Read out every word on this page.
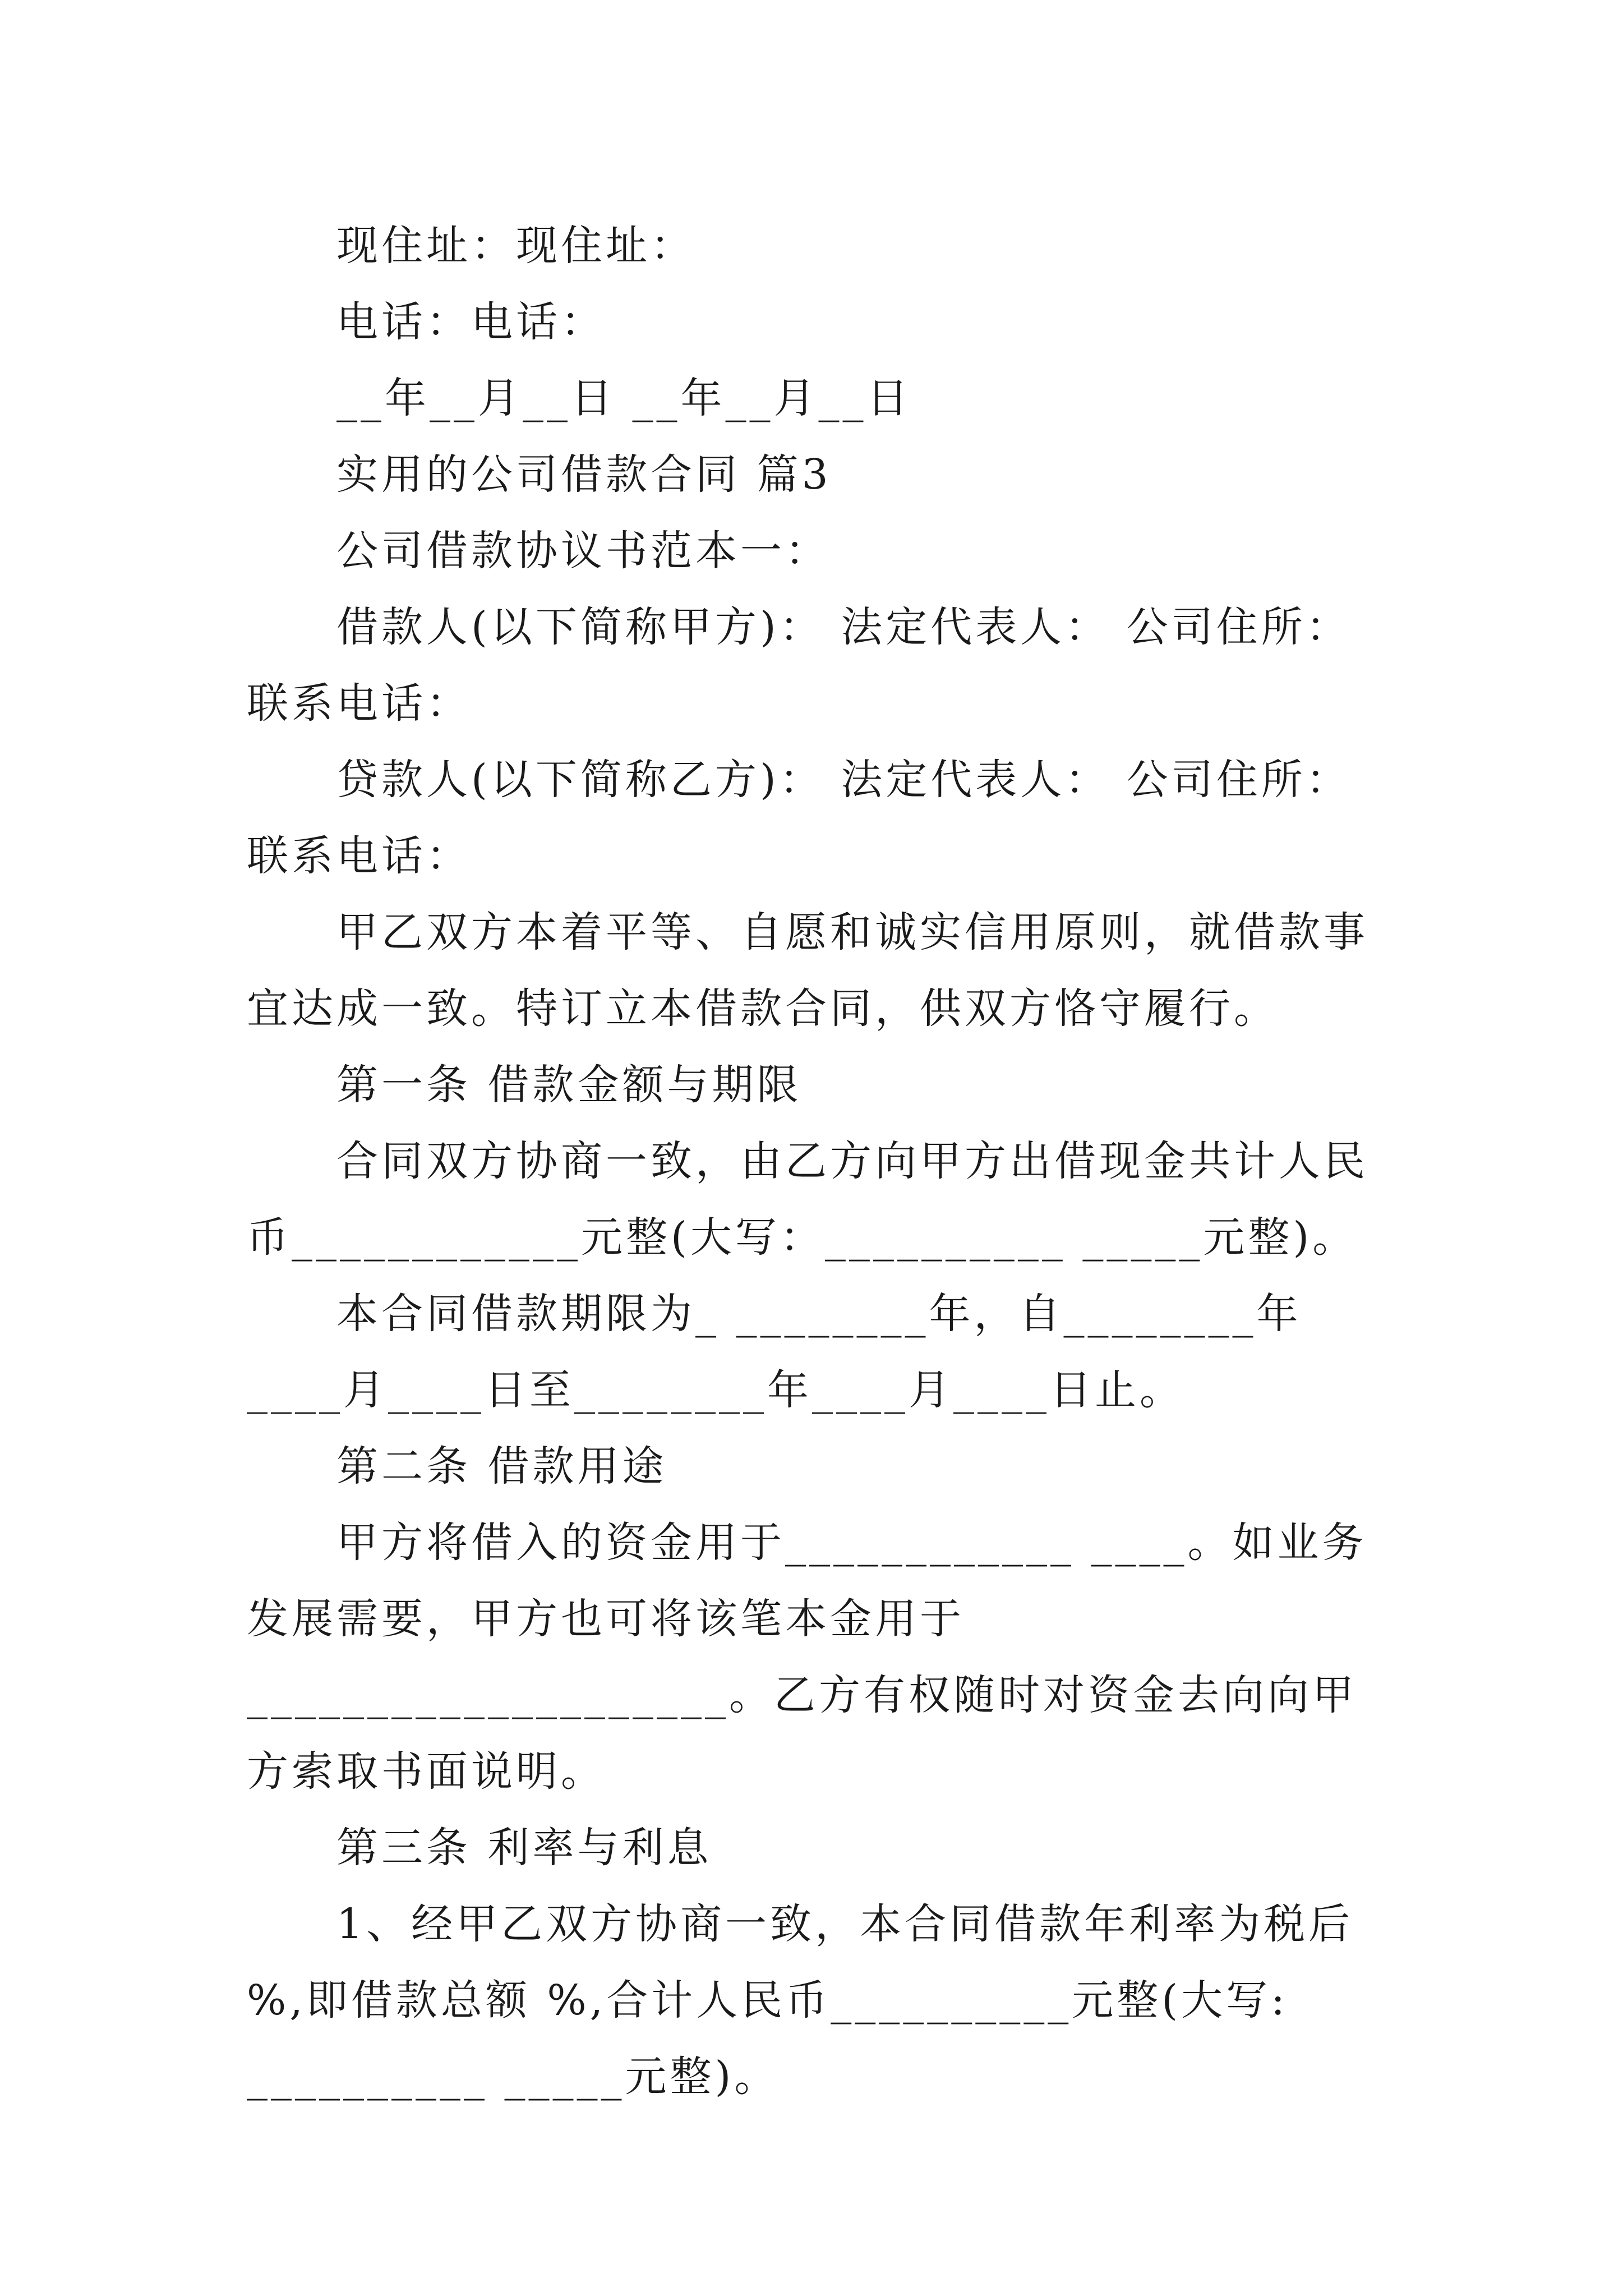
现住址：现住址：

电话：电话：

__年__月__日 __年__月__日

实用的公司借款合同 篇3

公司借款协议书范本一：

借款人(以下简称甲方)： 法定代表人： 公司住所： 联系电话：

贷款人(以下简称乙方)： 法定代表人： 公司住所： 联系电话：

甲乙双方本着平等、自愿和诚实信用原则，就借款事宜达成一致。特订立本借款合同，供双方恪守履行。

第一条 借款金额与期限

合同双方协商一致，由乙方向甲方出借现金共计人民币____________元整(大写：__________ _____元整)。

本合同借款期限为_ ________年，自________年____月____日至________年____月____日止。

第二条 借款用途

甲方将借入的资金用于____________ ____。如业务发展需要，甲方也可将该笔本金用于____________________。乙方有权随时对资金去向向甲方索取书面说明。

第三条 利率与利息

1、经甲乙双方协商一致，本合同借款年利率为税后 %,即借款总额 %,合计人民币__________元整(大写: __________ _____元整)。
